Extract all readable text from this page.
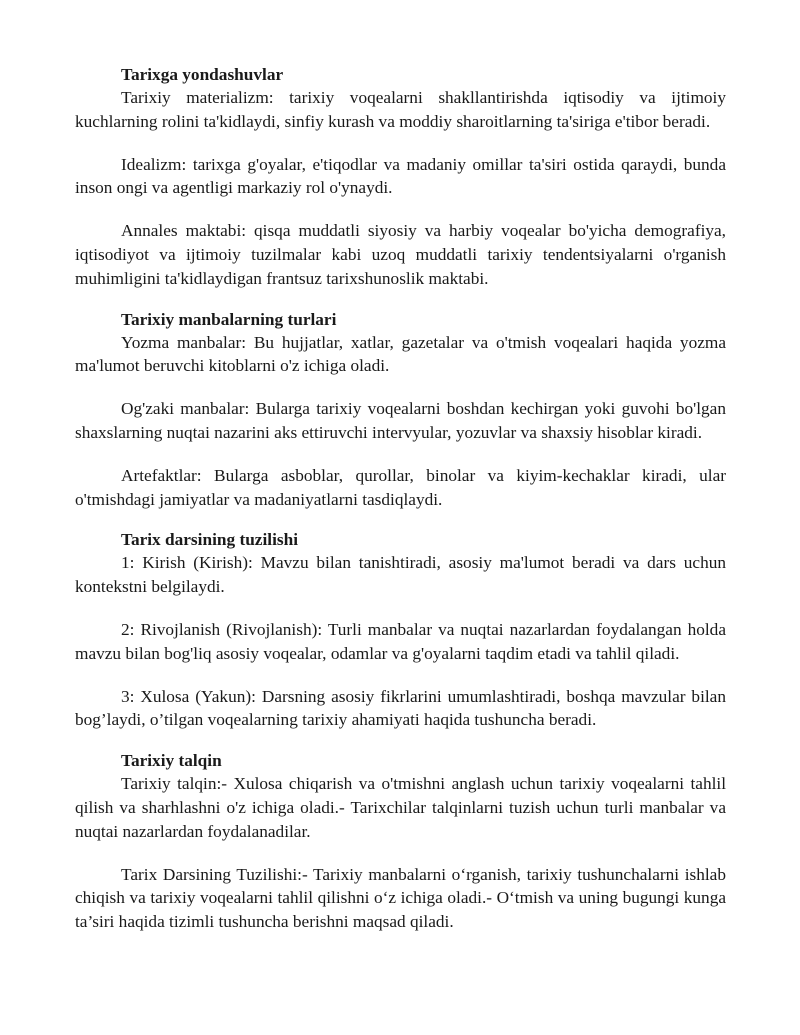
Tarixga yondashuvlar

Tarixiy materializm: tarixiy voqealarni shakllantirishda iqtisodiy va ijtimoiy kuchlarning rolini ta'kidlaydi, sinfiy kurash va moddiy sharoitlarning ta'siriga e'tibor beradi.

Idealizm: tarixga g'oyalar, e'tiqodlar va madaniy omillar ta'siri ostida qaraydi, bunda inson ongi va agentligi markaziy rol o'ynaydi.

Annales maktabi: qisqa muddatli siyosiy va harbiy voqealar bo'yicha demografiya, iqtisodiyot va ijtimoiy tuzilmalar kabi uzoq muddatli tarixiy tendentsiyalarni o'rganish muhimligini ta'kidlaydigan frantsuz tarixshunoslik maktabi.

Tarixiy manbalarning turlari

Yozma manbalar: Bu hujjatlar, xatlar, gazetalar va o'tmish voqealari haqida yozma ma'lumot beruvchi kitoblarni o'z ichiga oladi.

Og'zaki manbalar: Bularga tarixiy voqealarni boshdan kechirgan yoki guvohi bo'lgan shaxslarning nuqtai nazarini aks ettiruvchi intervyular, yozuvlar va shaxsiy hisoblar kiradi.

Artefaktlar: Bularga asboblar, qurollar, binolar va kiyim-kechaklar kiradi, ular o'tmishdagi jamiyatlar va madaniyatlarni tasdiqlaydi.

Tarix darsining tuzilishi

1: Kirish (Kirish): Mavzu bilan tanishtiradi, asosiy ma'lumot beradi va dars uchun kontekstni belgilaydi.

2: Rivojlanish (Rivojlanish): Turli manbalar va nuqtai nazarlardan foydalangan holda mavzu bilan bog'liq asosiy voqealar, odamlar va g'oyalarni taqdim etadi va tahlil qiladi.

3: Xulosa (Yakun): Darsning asosiy fikrlarini umumlashtiradi, boshqa mavzular bilan bog’laydi, o’tilgan voqealarning tarixiy ahamiyati haqida tushuncha beradi.

Tarixiy talqin

Tarixiy talqin:- Xulosa chiqarish va o'tmishni anglash uchun tarixiy voqealarni tahlil qilish va sharhlashni o'z ichiga oladi.- Tarixchilar talqinlarni tuzish uchun turli manbalar va nuqtai nazarlardan foydalanadilar.

Tarix Darsining Tuzilishi:- Tarixiy manbalarni o‘rganish, tarixiy tushunchalarni ishlab chiqish va tarixiy voqealarni tahlil qilishni o‘z ichiga oladi.- O‘tmish va uning bugungi kunga ta’siri haqida tizimli tushuncha berishni maqsad qiladi.
